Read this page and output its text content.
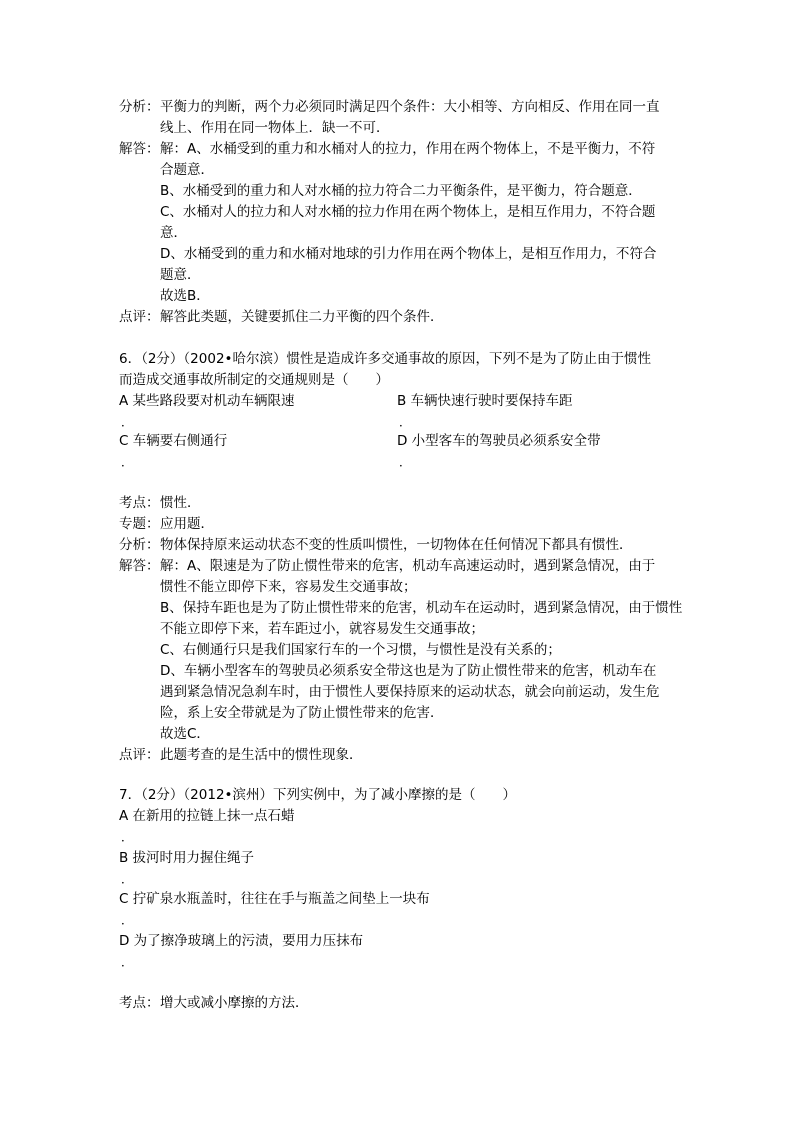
分析： 平衡力的判断，两个力必须同时满足四个条件：大小相等、方向相反、作用在同一直
线上、作用在同一物体上．缺一不可．
解答： 解：A、水桶受到的重力和水桶对人的拉力，作用在两个物体上，不是平衡力，不符
合题意．
B、水桶受到的重力和人对水桶的拉力符合二力平衡条件，是平衡力，符合题意．
C、水桶对人的拉力和人对水桶的拉力作用在两个物体上，是相互作用力，不符合题
意．
D、水桶受到的重力和水桶对地球的引力作用在两个物体上，是相互作用力，不符合
题意．
故选B．
点评： 解答此类题，关键要抓住二力平衡的四个条件．
6．（2分）（2002•哈尔滨）惯性是造成许多交通事故的原因，下列不是为了防止由于惯性
而造成交通事故所制定的交通规则是（　　）
A 某些路段要对机动车辆限速	B 车辆快速行驶时要保持车距
．	．
C 车辆要右侧通行	D 小型客车的驾驶员必须系安全带
．	．
考点： 惯性．
专题： 应用题．
分析： 物体保持原来运动状态不变的性质叫惯性，一切物体在任何情况下都具有惯性．
解答： 解：A、限速是为了防止惯性带来的危害，机动车高速运动时，遇到紧急情况，由于
惯性不能立即停下来，容易发生交通事故；
B、保持车距也是为了防止惯性带来的危害，机动车在运动时，遇到紧急情况，由于惯性
不能立即停下来，若车距过小，就容易发生交通事故；
C、右侧通行只是我们国家行车的一个习惯，与惯性是没有关系的；
D、车辆小型客车的驾驶员必须系安全带这也是为了防止惯性带来的危害，机动车在
遇到紧急情况急刹车时，由于惯性人要保持原来的运动状态，就会向前运动，发生危
险，系上安全带就是为了防止惯性带来的危害．
故选C．
点评： 此题考查的是生活中的惯性现象．
7．（2分）（2012•滨州）下列实例中，为了减小摩擦的是（　　）
A 在新用的拉链上抹一点石蜡
．
B 拔河时用力握住绳子
．
C 拧矿泉水瓶盖时，往往在手与瓶盖之间垫上一块布
．
D 为了擦净玻璃上的污渍，要用力压抹布
．
考点： 增大或减小摩擦的方法．
